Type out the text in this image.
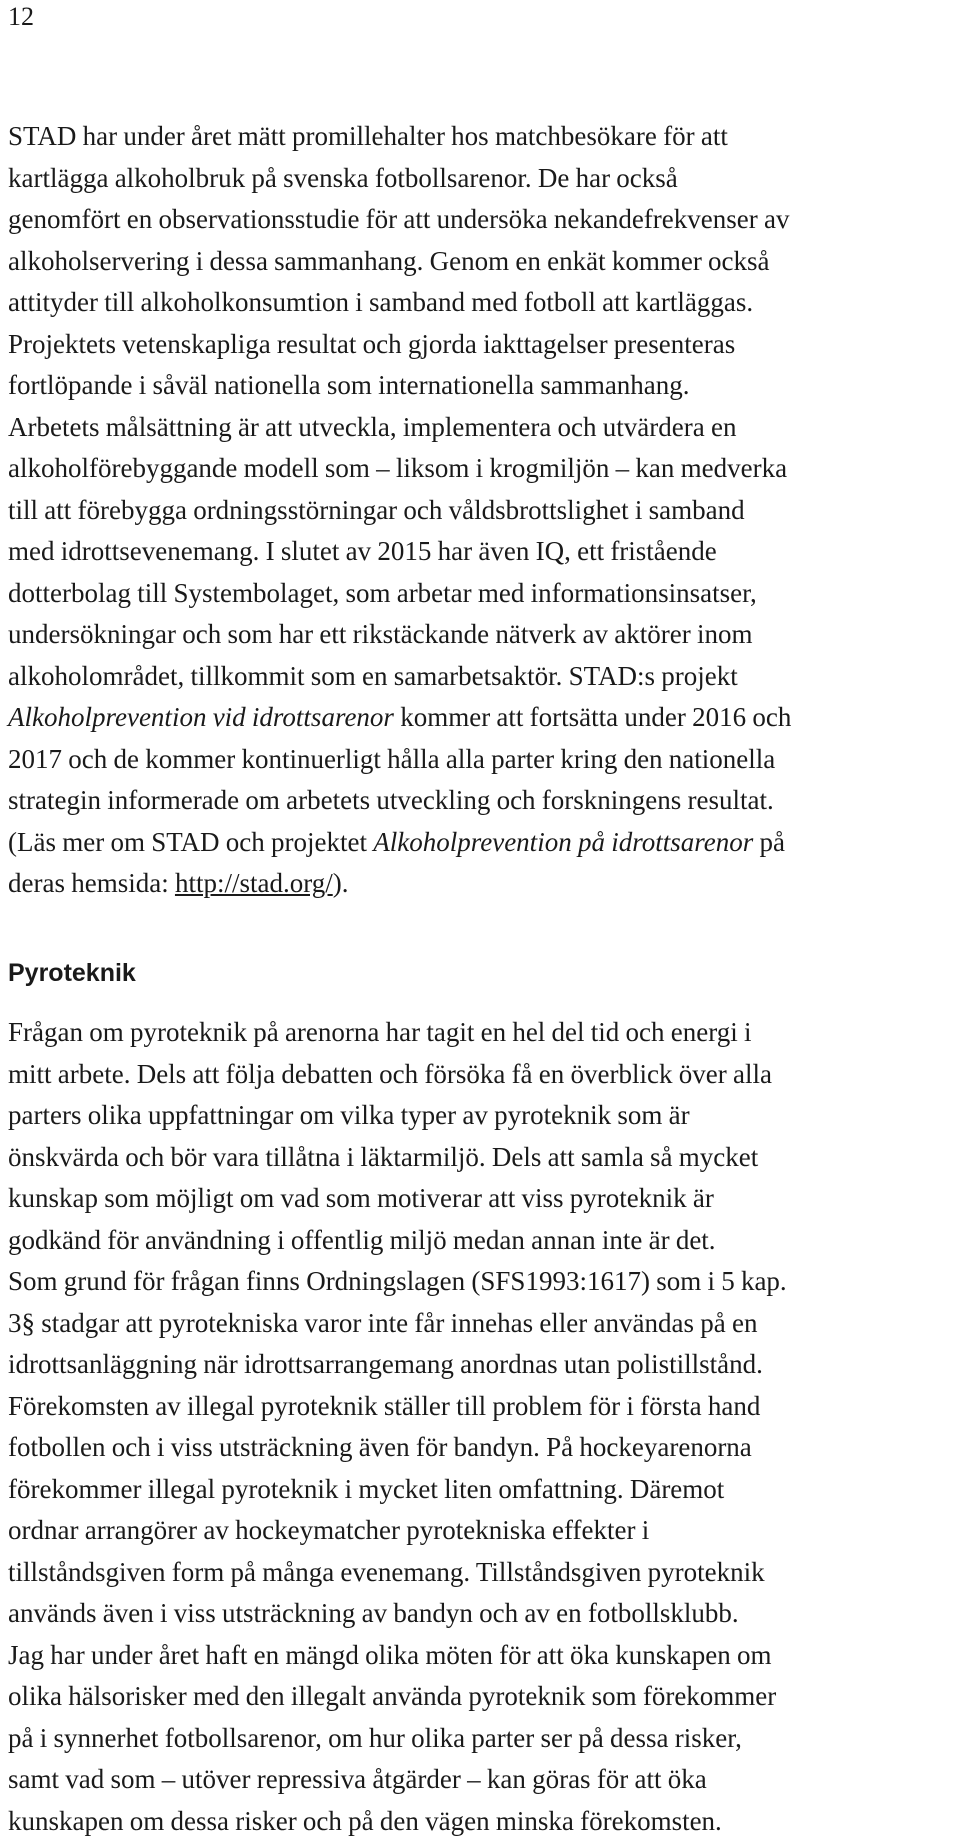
12

STAD har under året mätt promillehalter hos matchbesökare för att
kartlägga alkoholbruk på svenska fotbollsarenor. De har också
genomfört en observationsstudie för att undersöka nekandefrekvenser av
alkoholservering i dessa sammanhang. Genom en enkät kommer också
attityder till alkoholkonsumtion i samband med fotboll att kartläggas.
Projektets vetenskapliga resultat och gjorda iakttagelser presenteras
fortlöpande i såväl nationella som internationella sammanhang.
Arbetets målsättning är att utveckla, implementera och utvärdera en
alkoholförebyggande modell som – liksom i krogmiljön – kan medverka
till att förebygga ordningsstörningar och våldsbrottslighet i samband
med idrottsevenemang. I slutet av 2015 har även IQ, ett fristående
dotterbolag till Systembolaget, som arbetar med informationsinsatser,
undersökningar och som har ett rikstäckande nätverk av aktörer inom
alkoholområdet, tillkommit som en samarbetsaktör. STAD:s projekt
Alkoholprevention vid idrottsarenor kommer att fortsätta under 2016 och
2017 och de kommer kontinuerligt hålla alla parter kring den nationella
strategin informerade om arbetets utveckling och forskningens resultat.
(Läs mer om STAD och projektet Alkoholprevention på idrottsarenor på
deras hemsida: http://stad.org/).

Pyroteknik

Frågan om pyroteknik på arenorna har tagit en hel del tid och energi i
mitt arbete. Dels att följa debatten och försöka få en överblick över alla
parters olika uppfattningar om vilka typer av pyroteknik som är
önskvärda och bör vara tillåtna i läktarmiljö. Dels att samla så mycket
kunskap som möjligt om vad som motiverar att viss pyroteknik är
godkänd för användning i offentlig miljö medan annan inte är det.
Som grund för frågan finns Ordningslagen (SFS1993:1617) som i 5 kap.
3§ stadgar att pyrotekniska varor inte får innehas eller användas på en
idrottsanläggning när idrottsarrangemang anordnas utan polistillstånd.
Förekomsten av illegal pyroteknik ställer till problem för i första hand
fotbollen och i viss utsträckning även för bandyn. På hockeyarenorna
förekommer illegal pyroteknik i mycket liten omfattning. Däremot
ordnar arrangörer av hockeymatcher pyrotekniska effekter i
tillståndsgiven form på många evenemang. Tillståndsgiven pyroteknik
används även i viss utsträckning av bandyn och av en fotbollsklubb.
Jag har under året haft en mängd olika möten för att öka kunskapen om
olika hälsorisker med den illegalt använda pyroteknik som förekommer
på i synnerhet fotbollsarenor, om hur olika parter ser på dessa risker,
samt vad som – utöver repressiva åtgärder – kan göras för att öka
kunskapen om dessa risker och på den vägen minska förekomsten.
